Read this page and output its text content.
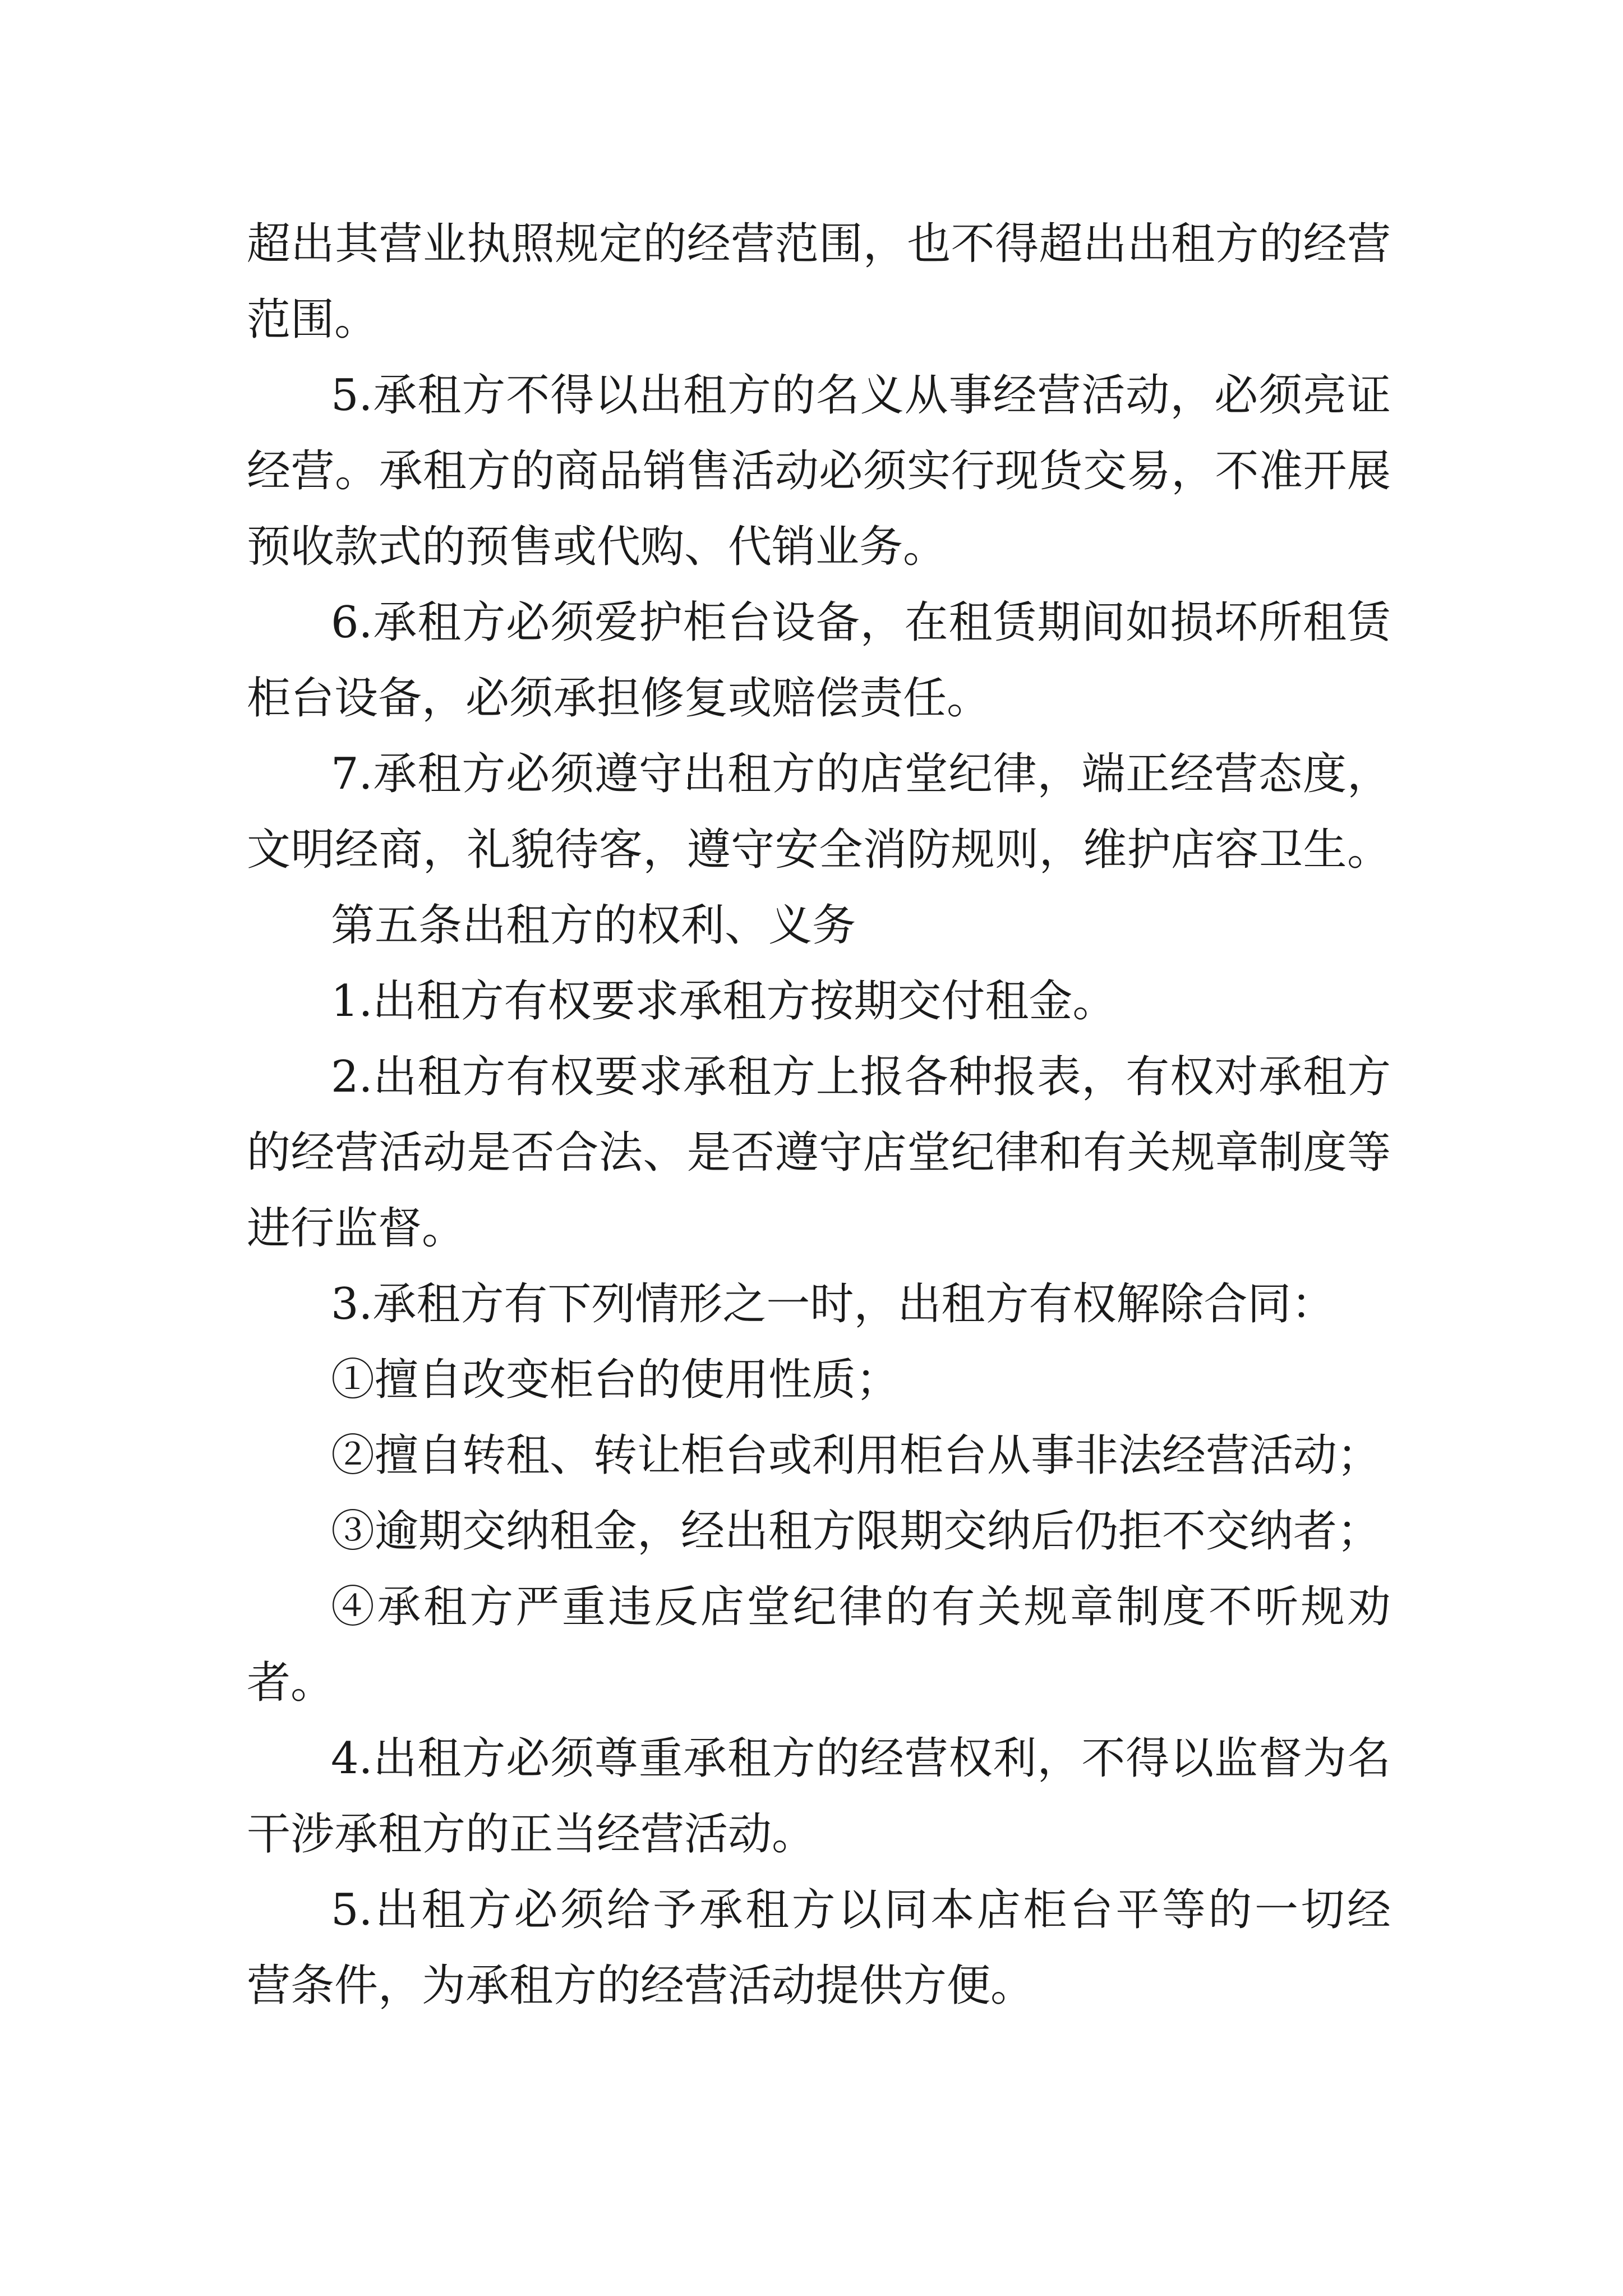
超出其营业执照规定的经营范围，也不得超出出租方的经营
范围。
5.承租方不得以出租方的名义从事经营活动，必须亮证
经营。承租方的商品销售活动必须实行现货交易，不准开展
预收款式的预售或代购、代销业务。
6.承租方必须爱护柜台设备，在租赁期间如损坏所租赁
柜台设备，必须承担修复或赔偿责任。
7.承租方必须遵守出租方的店堂纪律，端正经营态度，
文明经商，礼貌待客，遵守安全消防规则，维护店容卫生。
第五条出租方的权利、义务
1.出租方有权要求承租方按期交付租金。
2.出租方有权要求承租方上报各种报表，有权对承租方
的经营活动是否合法、是否遵守店堂纪律和有关规章制度等
进行监督。
3.承租方有下列情形之一时，出租方有权解除合同：
①擅自改变柜台的使用性质；
②擅自转租、转让柜台或利用柜台从事非法经营活动；
③逾期交纳租金，经出租方限期交纳后仍拒不交纳者；
④承租方严重违反店堂纪律的有关规章制度不听规劝
者。
4.出租方必须尊重承租方的经营权利，不得以监督为名
干涉承租方的正当经营活动。
5.出租方必须给予承租方以同本店柜台平等的一切经
营条件，为承租方的经营活动提供方便。
